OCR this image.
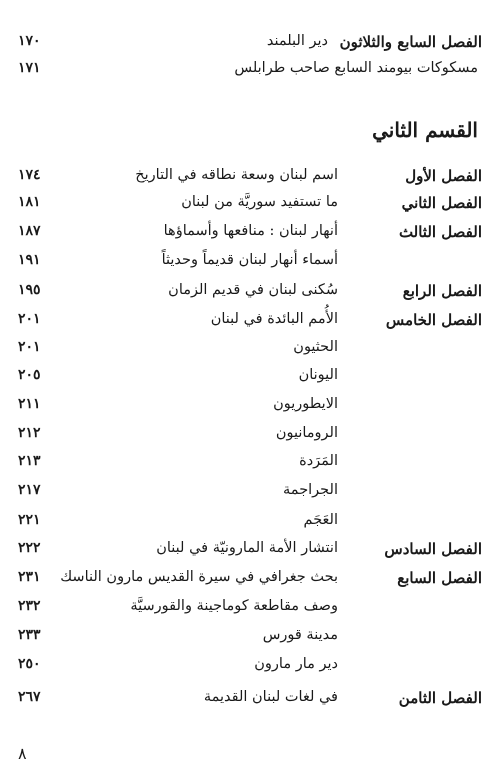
الفصل السابع والثلاثون
دير البلمند
١٧٠
مسكوكات بيومند السابع صاحب طرابلس
١٧١
القسم الثاني
الفصل الأول
اسم لبنان وسعة نطاقه في التاريخ
١٧٤
الفصل الثاني
ما تستفيد سوريَّة من لبنان
١٨١
الفصل الثالث
أنهار لبنان : منافعها وأسماؤها
١٨٧
أسماء أنهار لبنان قديماً وحديثاً
١٩١
الفصل الرابع
سُكنى لبنان في قديم الزمان
١٩٥
الفصل الخامس
الأُمم البائدة في لبنان
٢٠١
الحثيون
٢٠١
اليونان
٢٠٥
الايطوريون
٢١١
الرومانيون
٢١٢
المَرَدة
٢١٣
الجراجمة
٢١٧
العَجَم
٢٢١
الفصل السادس
انتشار الأمة المارونيّة في لبنان
٢٢٢
الفصل السابع
بحث جغرافي في سيرة القديس مارون الناسك
٢٣١
وصف مقاطعة كوماجينة والقورسيَّة
٢٣٢
مدينة قورس
٢٣٣
دير مار مارون
٢٥٠
الفصل الثامن
في لغات لبنان القديمة
٢٦٧
٨
